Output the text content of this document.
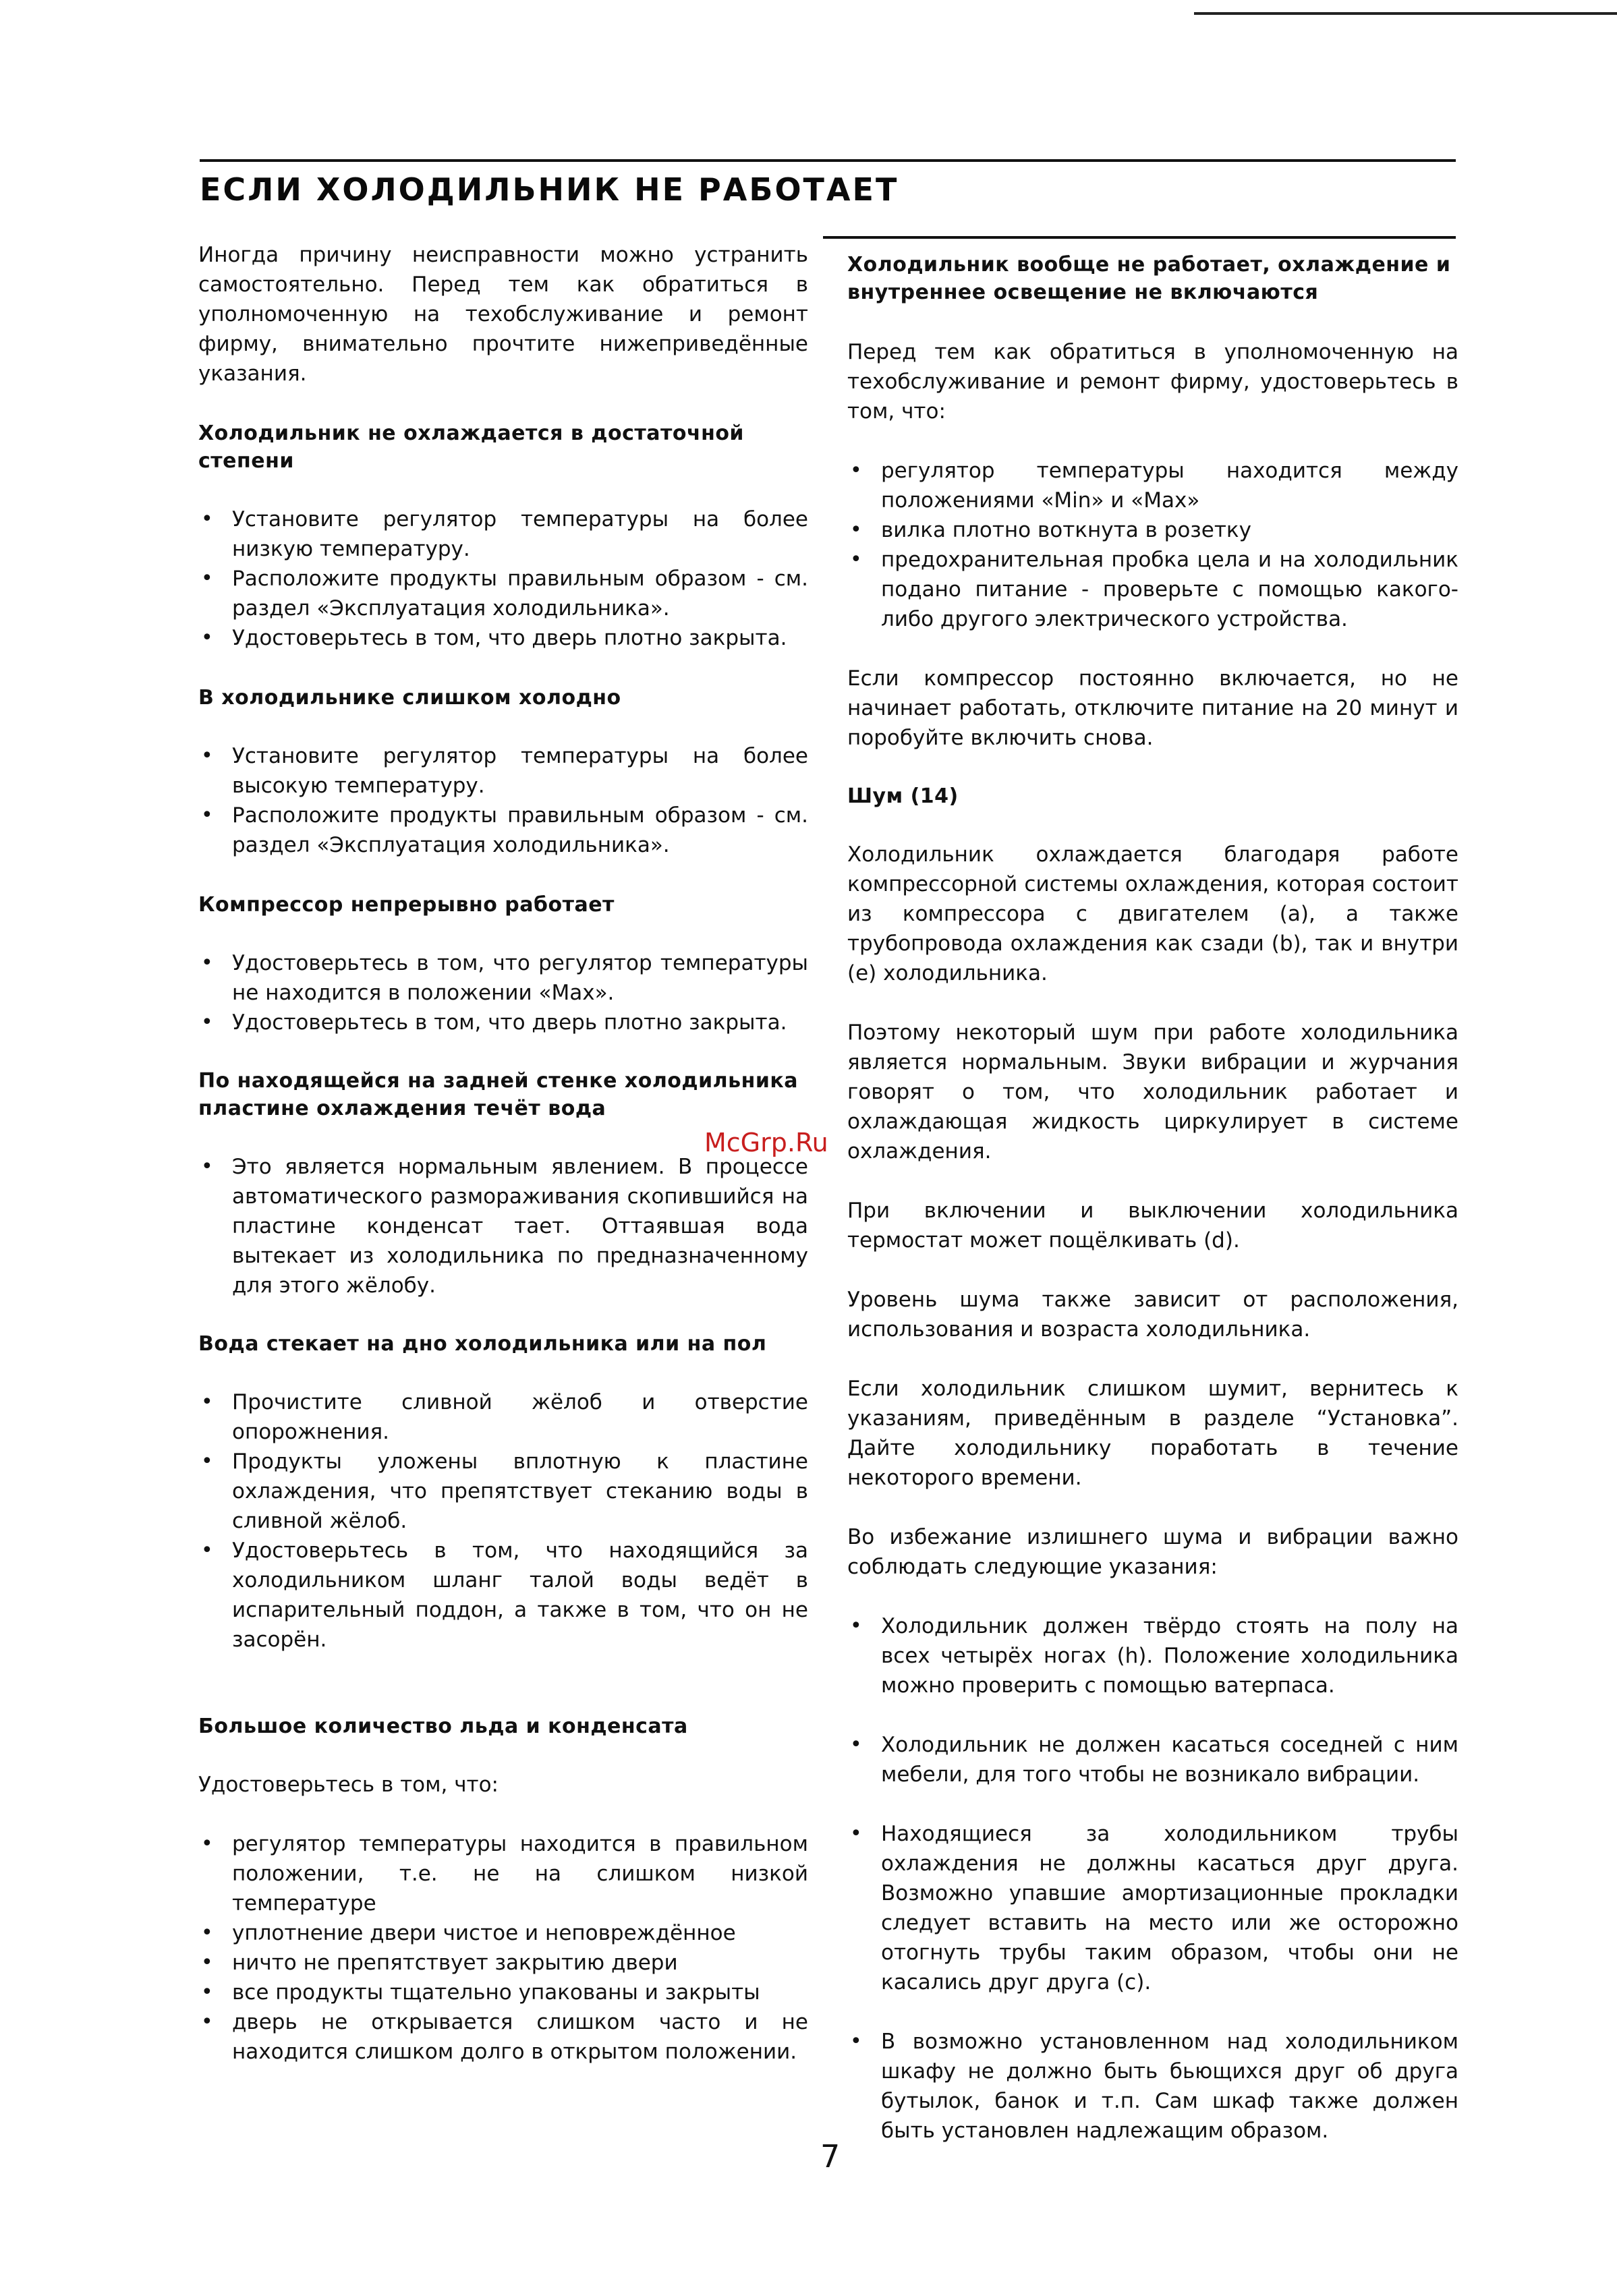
ЕСЛИ ХОЛОДИЛЬНИК НЕ РАБОТАЕТ

Иногда причину неисправности можно устранить самостоятельно. Перед тем как обратиться в уполномоченную на техобслуживание и ремонт фирму, внимательно прочтите нижеприведённые указания.

Холодильник не охлаждается в достаточной степени
• Установите регулятор температуры на более низкую температуру.
• Расположите продукты правильным образом - см. раздел «Эксплуатация холодильника».
• Удостоверьтесь в том, что дверь плотно закрыта.
В холодильнике слишком холодно
• Установите регулятор температуры на более высокую температуру.
• Расположите продукты правильным образом - см. раздел «Эксплуатация холодильника».
Компрессор непрерывно работает
• Удостоверьтесь в том, что регулятор температуры не находится в положении «Max».
• Удостоверьтесь в том, что дверь плотно закрыта.
По находящейся на задней стенке холодильника пластине охлаждения течёт вода
• Это является нормальным явлением. В процессе автоматического размораживания скопившийся на пластине конденсат тает. Оттаявшая вода вытекает из холодильника по предназначенному для этого жёлобу.
Вода стекает на дно холодильника или на пол
• Прочистите сливной жёлоб и отверстие опорожнения.
• Продукты уложены вплотную к пластине охлаждения, что препятствует стеканию воды в сливной жёлоб.
• Удостоверьтесь в том, что находящийся за холодильником шланг талой воды ведёт в испарительный поддон, а также в том, что он не засорён.
Большое количество льда и конденсата

Удостоверьтесь в том, что:

• регулятор температуры находится в правильном положении, т.е. не на слишком низкой температуре
• уплотнение двери чистое и неповреждённое
• ничто не препятствует закрытию двери
• все продукты тщательно упакованы и закрыты
• дверь не открывается слишком часто и не находится слишком долго в открытом положении.
Холодильник вообще не работает, охлаждение и внутреннее освещение не включаются

Перед тем как обратиться в уполномоченную на техобслуживание и ремонт фирму, удостоверьтесь в том, что:

• регулятор температуры находится между положениями «Min» и «Max»
• вилка плотно воткнута в розетку
• предохранительная пробка цела и на холодильник подано питание - проверьте с помощью какого-либо другого электрического устройства.

Если компрессор постоянно включается, но не начинает работать, отключите питание на 20 минут и поробуйте включить снова.

Шум (14)

Холодильник охлаждается благодаря работе компрессорной системы охлаждения, которая состоит из компрессора с двигателем (a), а также трубопровода охлаждения как сзади (b), так и внутри (e) холодильника.

Поэтому некоторый шум при работе холодильника является нормальным. Звуки вибрации и журчания говорят о том, что холодильник работает и охлаждающая жидкость циркулирует в системе охлаждения.

При включении и выключении холодильника термостат может пощёлкивать (d).

Уровень шума также зависит от расположения, использования и возраста холодильника.

Если холодильник слишком шумит, вернитесь к указаниям, приведённым в разделе “Установка”. Дайте холодильнику поработать в течение некоторого времени.

Во избежание излишнего шума и вибрации важно соблюдать следующие указания:

• Холодильник должен твёрдо стоять на полу на всех четырёх ногах (h). Положение холодильника можно проверить с помощью ватерпаса.
• Холодильник не должен касаться соседней с ним мебели, для того чтобы не возникало вибрации.
• Находящиеся за холодильником трубы охлаждения не должны касаться друг друга. Возможно упавшие амортизационные прокладки следует вставить на место или же осторожно отогнуть трубы таким образом, чтобы они не касались друг друга (c).
• В возможно установленном над холодильником шкафу не должно быть бьющихся друг об друга бутылок, банок и т.п. Сам шкаф также должен быть установлен надлежащим образом.
McGrp.Ru
7
